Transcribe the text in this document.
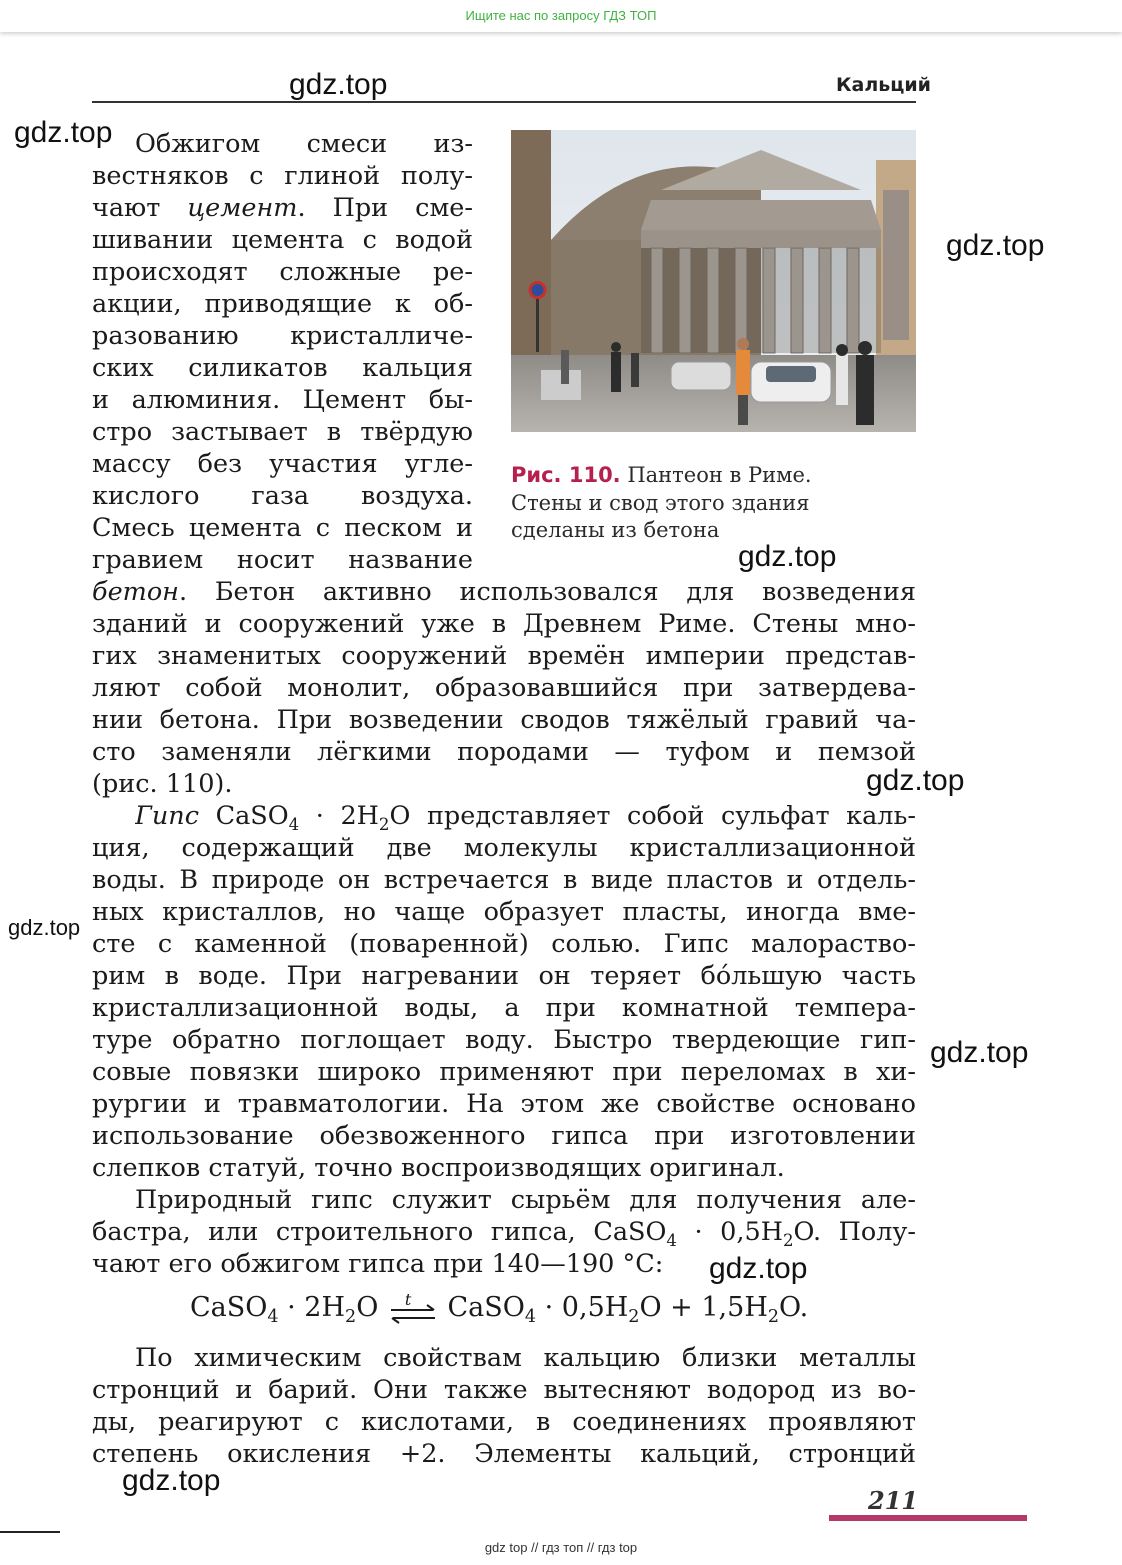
Ищите нас по запросу ГДЗ ТОП
Кальций
Рис. 110. Пантеон в Риме.
Стены и свод этого здания
сделаны из бетона
Обжигом смеси из-
вестняков с глиной полу-
чают цемент. При сме-
шивании цемента с водой
происходят сложные ре-
акции, приводящие к об-
разованию кристалличе-
ских силикатов кальция
и алюминия. Цемент бы-
стро застывает в твёрдую
массу без участия угле-
кислого газа воздуха.
Смесь цемента с песком и
гравием носит название
бетон. Бетон активно использовался для возведения
зданий и сооружений уже в Древнем Риме. Стены мно-
гих знаменитых сооружений времён империи представ-
ляют собой монолит, образовавшийся при затвердева-
нии бетона. При возведении сводов тяжёлый гравий ча-
сто заменяли лёгкими породами — туфом и пемзой
(рис. 110).
Гипс CaSO$_4$ · $2H_2O$ представляет собой сульфат каль-
ция, содержащий две молекулы кристаллизационной
воды. В природе он встречается в виде пластов и отдель-
ных кристаллов, но чаще образует пласты, иногда вме-
сте с каменной (поваренной) солью. Гипс малораство-
рим в воде. При нагревании он теряет бо́льшую часть
кристаллизационной воды, а при комнатной темпера-
туре обратно поглощает воду. Быстро твердеющие гип-
совые повязки широко применяют при переломах в хи-
рургии и травматологии. На этом же свойстве основано
использование обезвоженного гипса при изготовлении
слепков статуй, точно воспроизводящих оригинал.
Природный гипс служит сырьём для получения але-
бастра, или строительного гипса, CaSO$_4$ · $0,5H_2O$. Полу-
чают его обжигом гипса при 140—190 °С:
CaSO$_4$ · $2H_2O$ t CaSO$_4$ · $0,5H_2O + 1,5H_2O$.
По химическим свойствам кальцию близки металлы
стронций и барий. Они также вытесняют водород из во-
ды, реагируют с кислотами, в соединениях проявляют
степень окисления +2. Элементы кальций, стронций
211
gdz.top
gdz.top
gdz.top
gdz.top
gdz.top
gdz.top
gdz.top
gdz.top
gdz.top
gdz top // гдз топ // гдз top
